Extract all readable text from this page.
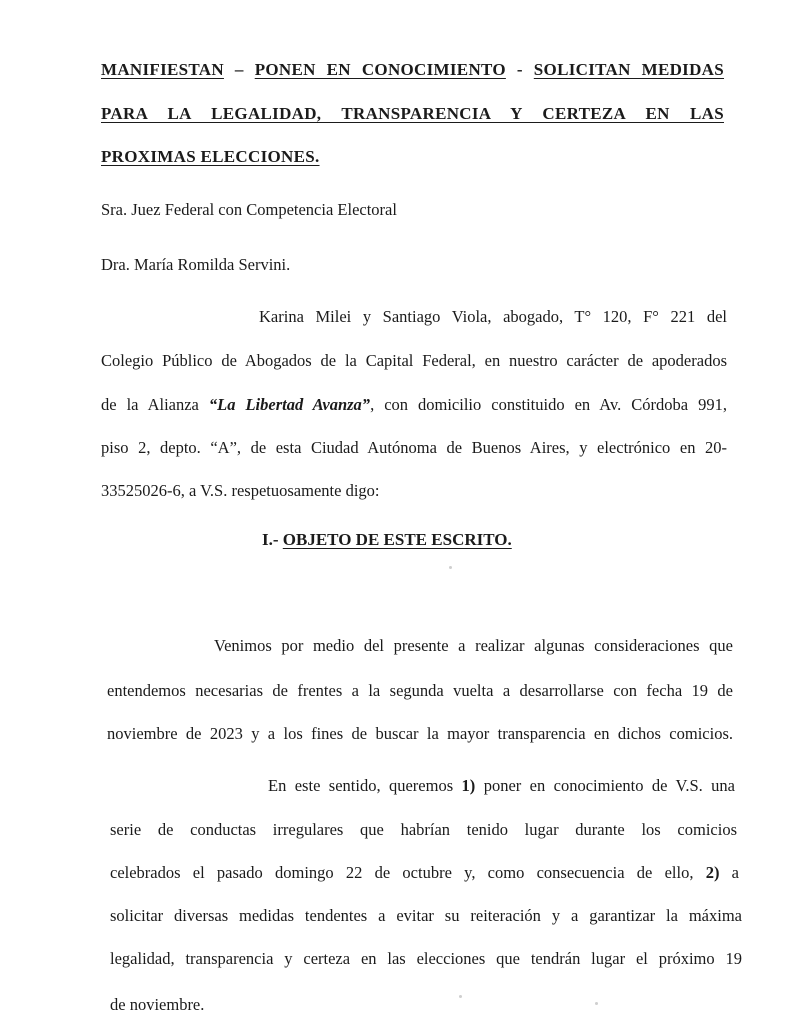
MANIFIESTAN – PONEN EN CONOCIMIENTO - SOLICITAN MEDIDAS
PARA LA LEGALIDAD, TRANSPARENCIA Y CERTEZA EN LAS
PROXIMAS ELECCIONES.
Sra. Juez Federal con Competencia Electoral
Dra. María Romilda Servini.
Karina Milei y Santiago Viola, abogado, T° 120, F° 221 del
Colegio Público de Abogados de la Capital Federal, en nuestro carácter de apoderados
de la Alianza “La Libertad Avanza”, con domicilio constituido en Av. Córdoba 991,
piso 2, depto. “A”, de esta Ciudad Autónoma de Buenos Aires, y electrónico en 20-
33525026-6, a V.S. respetuosamente digo:
I.- OBJETO DE ESTE ESCRITO.
Venimos por medio del presente a realizar algunas consideraciones que
entendemos necesarias de frentes a la segunda vuelta a desarrollarse con fecha 19 de
noviembre de 2023 y a los fines de buscar la mayor transparencia en dichos comicios.
En este sentido, queremos 1) poner en conocimiento de V.S. una
serie de conductas irregulares que habrían tenido lugar durante los comicios
celebrados el pasado domingo 22 de octubre y, como consecuencia de ello, 2) a
solicitar diversas medidas tendentes a evitar su reiteración y a garantizar la máxima
legalidad, transparencia y certeza en las elecciones que tendrán lugar el próximo 19
de noviembre.
